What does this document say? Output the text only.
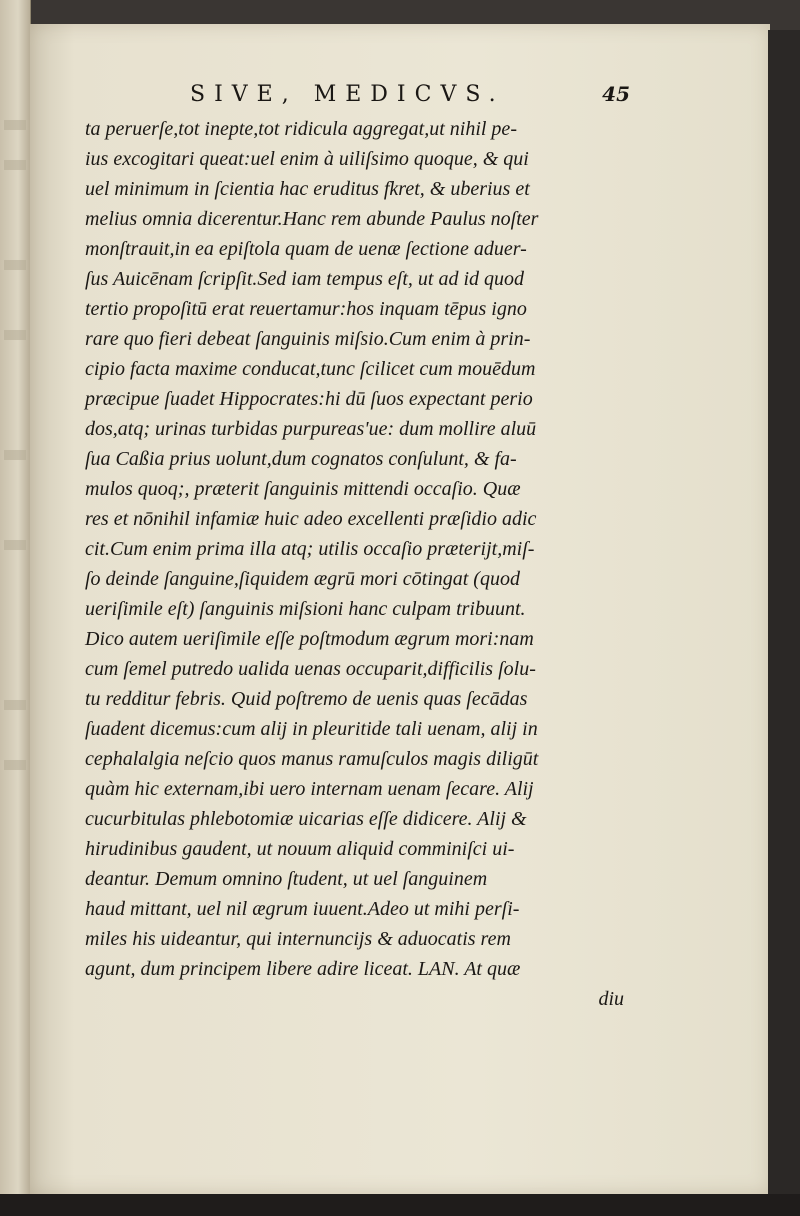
SIVE, MEDICVS.	45
ta peruerſe,tot inepte,tot ridicula aggregat,ut nihil pe-
ius excogitari queat:uel enim à uiliſsimo quoque, & qui
uel minimum in ſcientia hac eruditus fkret, & uberius et
melius omnia dicerentur.Hanc rem abunde Paulus noſter
monſtrauit,in ea epiſtola quam de uenæ ſectione aduer-
ſus Auicēnam ſcripſit.Sed iam tempus eſt, ut ad id quod
tertio propoſitū erat reuertamur:hos inquam tēpus igno
rare quo fieri debeat ſanguinis miſsio.Cum enim à prin-
cipio facta maxime conducat,tunc ſcilicet cum mouēdum
præcipue ſuadet Hippocrates:hi dū ſuos expectant perio
dos,atq; urinas turbidas purpureas'ue: dum mollire aluū
ſua Caßia prius uolunt,dum cognatos conſulunt, & fa-
mulos quoq;, præterit ſanguinis mittendi occaſio. Quæ
res et nōnihil infamiæ huic adeo excellenti præſidio adic
cit.Cum enim prima illa atq; utilis occaſio præterijt,miſ-
ſo deinde ſanguine,ſiquidem ægrū mori cōtingat (quod
ueriſimile eſt) ſanguinis miſsioni hanc culpam tribuunt.
Dico autem ueriſimile eſſe poſtmodum ægrum mori:nam
cum ſemel putredo ualida uenas occuparit,difficilis ſolu-
tu redditur febris. Quid poſtremo de uenis quas ſecādas
ſuadent dicemus:cum alij in pleuritide tali uenam, alij in
cephalalgia neſcio quos manus ramuſculos magis diligūt
quàm hic externam,ibi uero internam uenam ſecare. Alij
cucurbitulas phlebotomiæ uicarias eſſe didicere. Alij &
hirudinibus gaudent, ut nouum aliquid comminiſci ui-
deantur. Demum omnino ſtudent, ut uel ſanguinem
haud mittant, uel nil ægrum iuuent.Adeo ut mihi perſi-
miles his uideantur, qui internuncijs & aduocatis rem
agunt, dum principem libere adire liceat. LAN. At quæ
diu
